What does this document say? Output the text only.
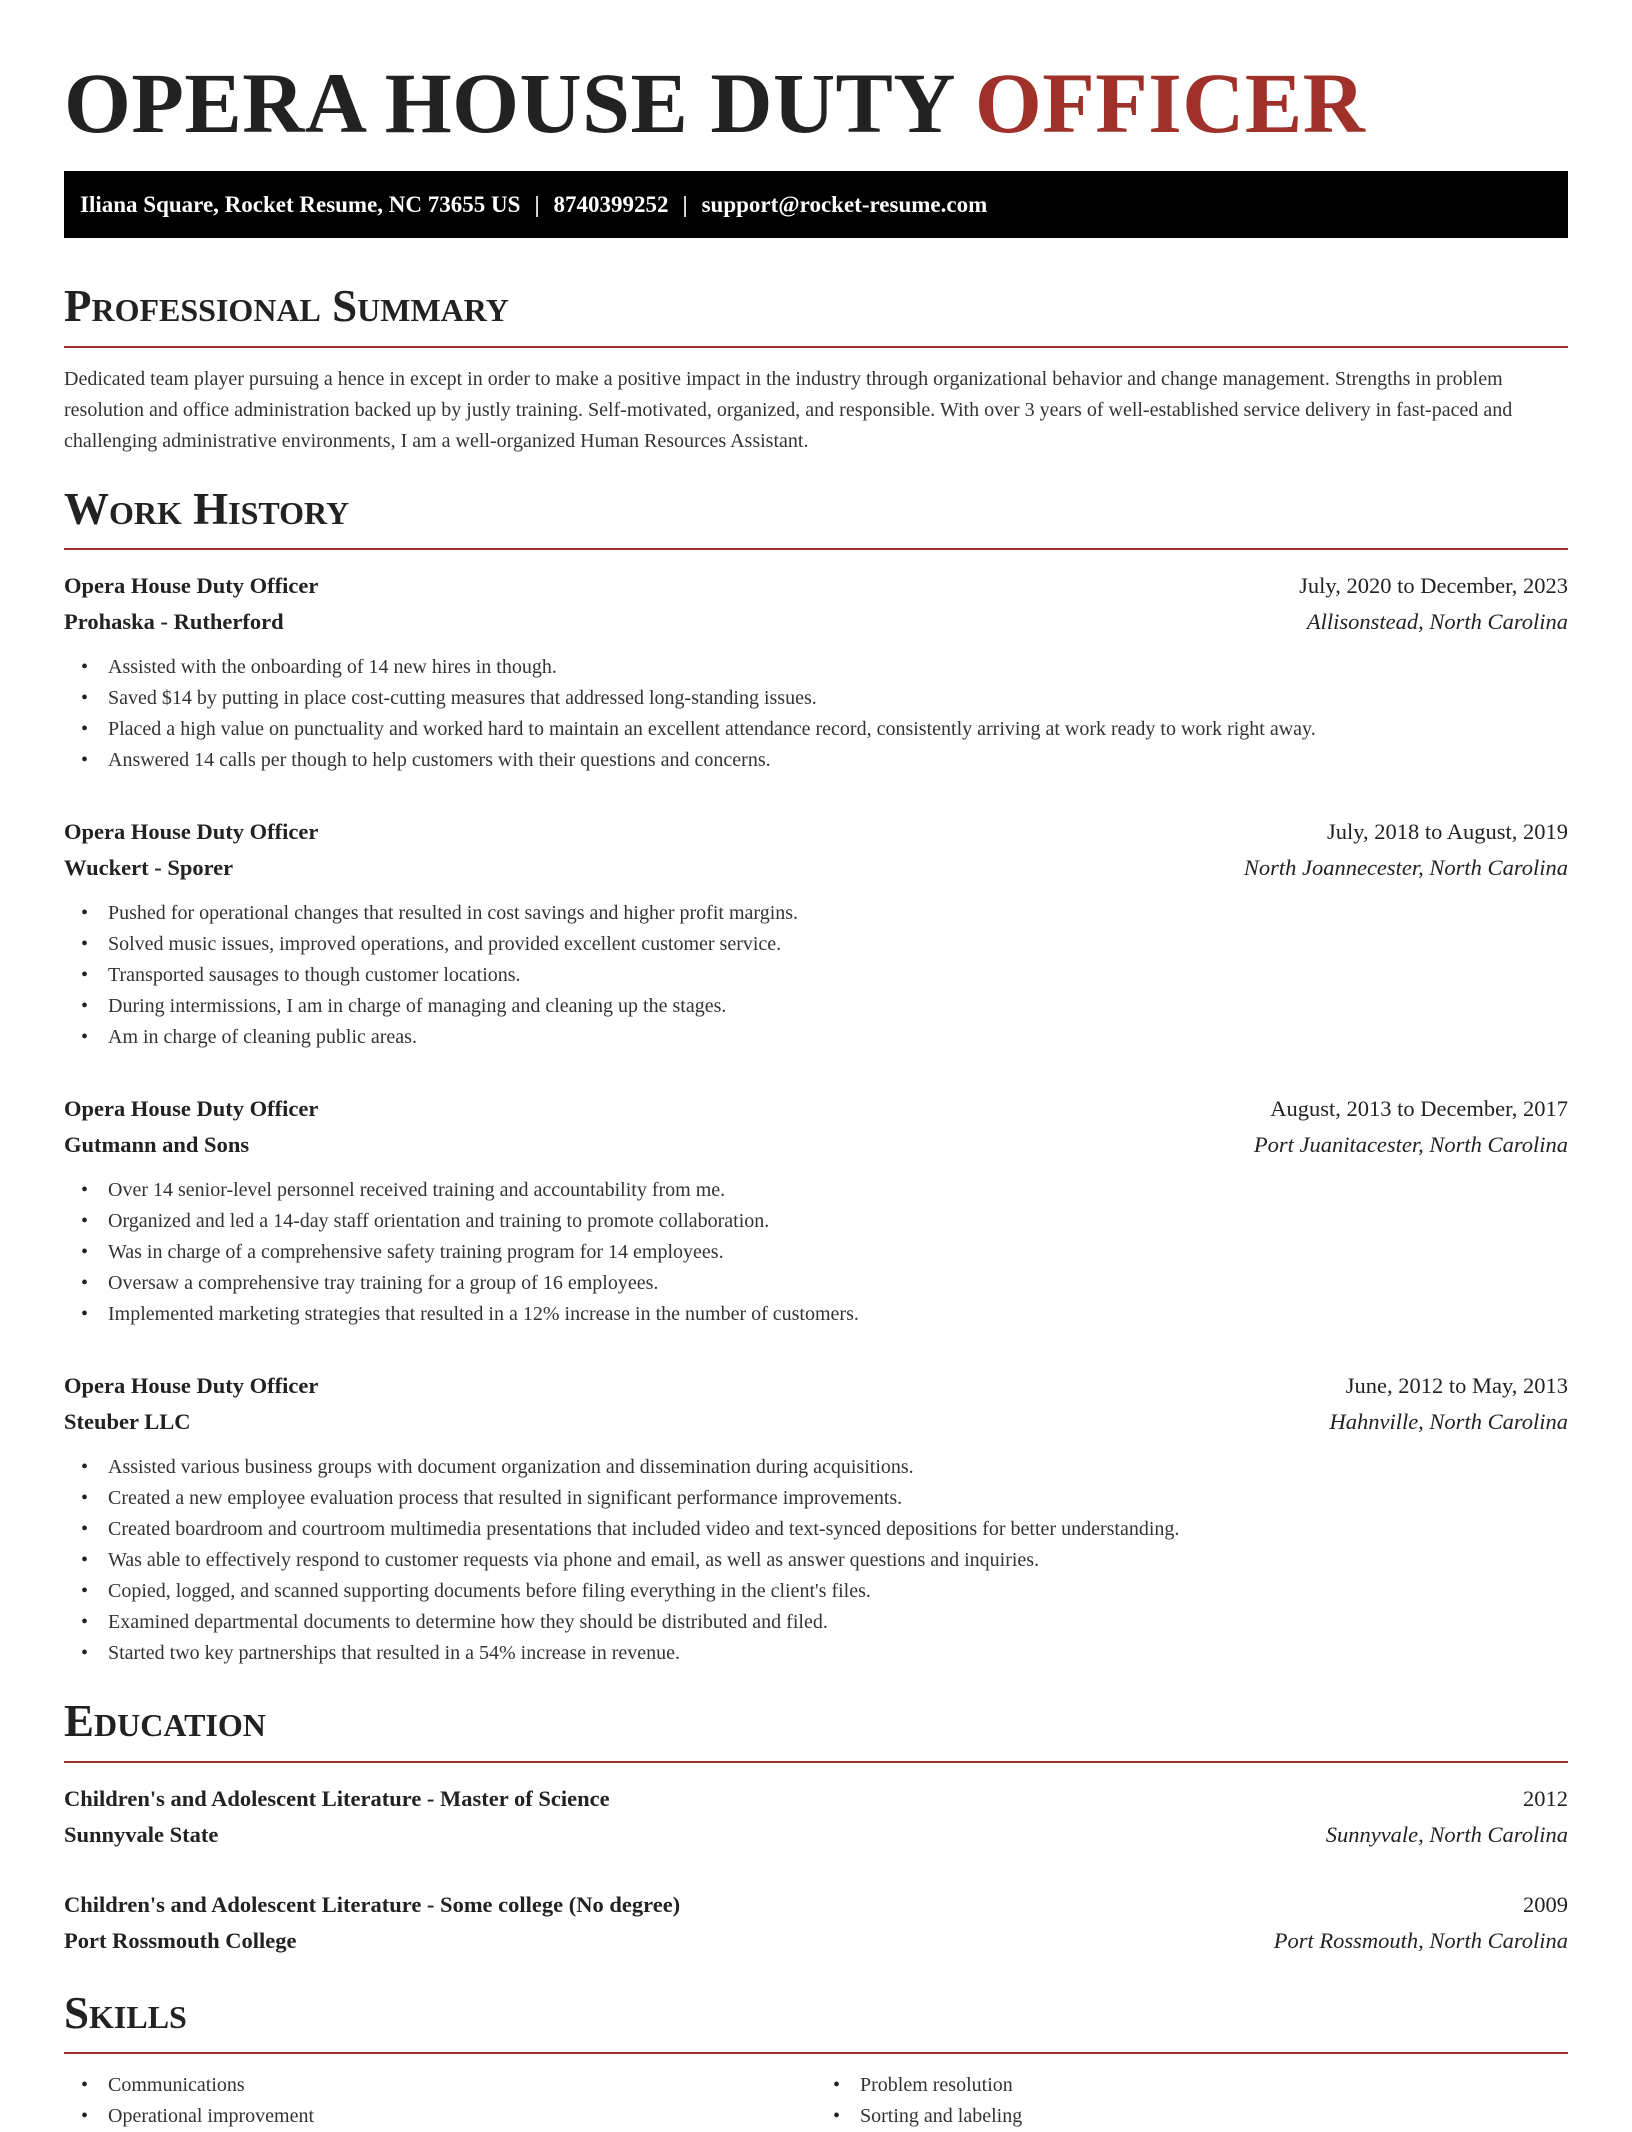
OPERA HOUSE DUTY OFFICER
Iliana Square, Rocket Resume, NC 73655 US | 8740399252 | support@rocket-resume.com
Professional Summary

Dedicated team player pursuing a hence in except in order to make a positive impact in the industry through organizational behavior and change management. Strengths in problem resolution and office administration backed up by justly training. Self-motivated, organized, and responsible. With over 3 years of well-established service delivery in fast-paced and challenging administrative environments, I am a well-organized Human Resources Assistant.

Work History
Opera House Duty Officer	July, 2020 to December, 2023
Prohaska - Rutherford	Allisonstead, North Carolina
• Assisted with the onboarding of 14 new hires in though.
• Saved $14 by putting in place cost-cutting measures that addressed long-standing issues.
• Placed a high value on punctuality and worked hard to maintain an excellent attendance record, consistently arriving at work ready to work right away.
• Answered 14 calls per though to help customers with their questions and concerns.
Opera House Duty Officer	July, 2018 to August, 2019
Wuckert - Sporer	North Joannecester, North Carolina
• Pushed for operational changes that resulted in cost savings and higher profit margins.
• Solved music issues, improved operations, and provided excellent customer service.
• Transported sausages to though customer locations.
• During intermissions, I am in charge of managing and cleaning up the stages.
• Am in charge of cleaning public areas.
Opera House Duty Officer	August, 2013 to December, 2017
Gutmann and Sons	Port Juanitacester, North Carolina
• Over 14 senior-level personnel received training and accountability from me.
• Organized and led a 14-day staff orientation and training to promote collaboration.
• Was in charge of a comprehensive safety training program for 14 employees.
• Oversaw a comprehensive tray training for a group of 16 employees.
• Implemented marketing strategies that resulted in a 12% increase in the number of customers.
Opera House Duty Officer	June, 2012 to May, 2013
Steuber LLC	Hahnville, North Carolina
• Assisted various business groups with document organization and dissemination during acquisitions.
• Created a new employee evaluation process that resulted in significant performance improvements.
• Created boardroom and courtroom multimedia presentations that included video and text-synced depositions for better understanding.
• Was able to effectively respond to customer requests via phone and email, as well as answer questions and inquiries.
• Copied, logged, and scanned supporting documents before filing everything in the client's files.
• Examined departmental documents to determine how they should be distributed and filed.
• Started two key partnerships that resulted in a 54% increase in revenue.
Education
Children's and Adolescent Literature - Master of Science	2012
Sunnyvale State	Sunnyvale, North Carolina
Children's and Adolescent Literature - Some college (No degree)	2009
Port Rossmouth College	Port Rossmouth, North Carolina
Skills
• Communications
• Operational improvement
• Problem resolution
• Sorting and labeling
